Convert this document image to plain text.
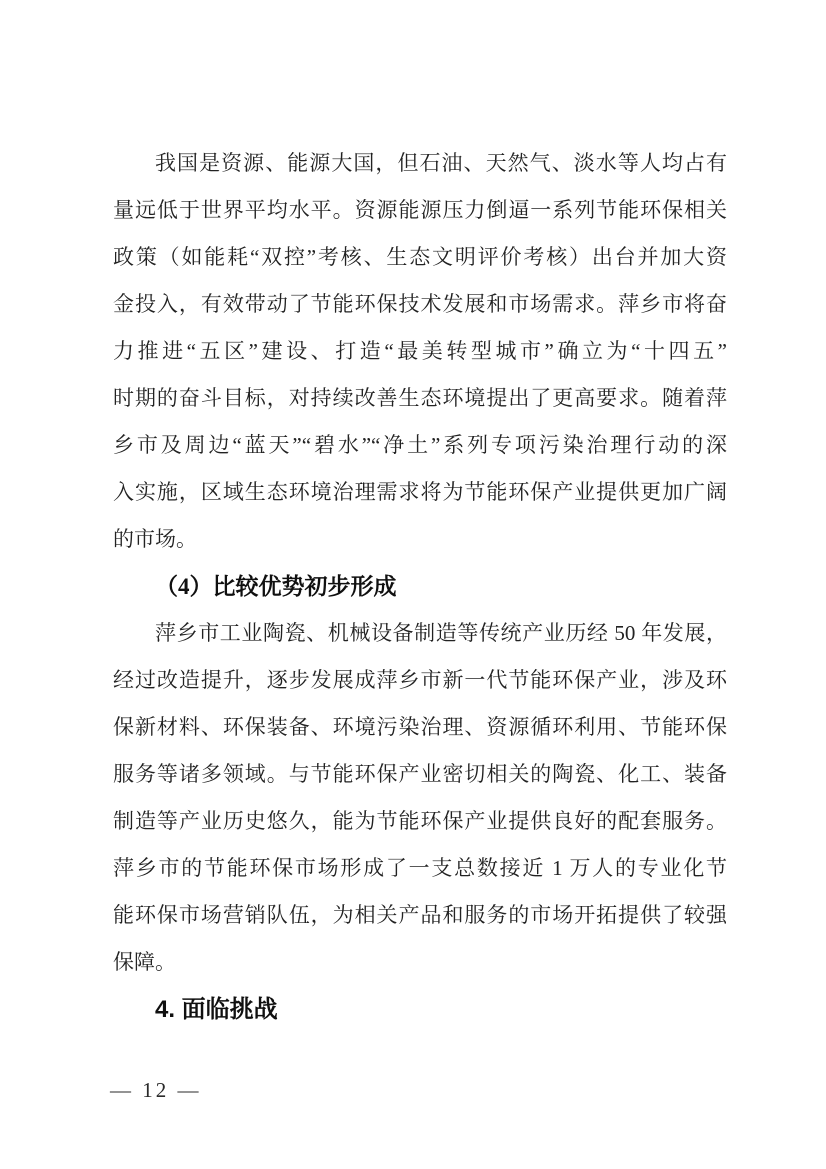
我国是资源、能源大国，但石油、天然气、淡水等人均占有
量远低于世界平均水平。资源能源压力倒逼一系列节能环保相关
政策（如能耗“双控”考核、生态文明评价考核）出台并加大资
金投入，有效带动了节能环保技术发展和市场需求。萍乡市将奋
力推进“五区”建设、打造“最美转型城市”确立为“十四五”
时期的奋斗目标，对持续改善生态环境提出了更高要求。随着萍
乡市及周边“蓝天”“碧水”“净土”系列专项污染治理行动的深
入实施，区域生态环境治理需求将为节能环保产业提供更加广阔
的市场。
（4）比较优势初步形成
萍乡市工业陶瓷、机械设备制造等传统产业历经 50 年发展，
经过改造提升，逐步发展成萍乡市新一代节能环保产业，涉及环
保新材料、环保装备、环境污染治理、资源循环利用、节能环保
服务等诸多领域。与节能环保产业密切相关的陶瓷、化工、装备
制造等产业历史悠久，能为节能环保产业提供良好的配套服务。
萍乡市的节能环保市场形成了一支总数接近 1 万人的专业化节
能环保市场营销队伍，为相关产品和服务的市场开拓提供了较强
保障。
4. 面临挑战
— 12 —
